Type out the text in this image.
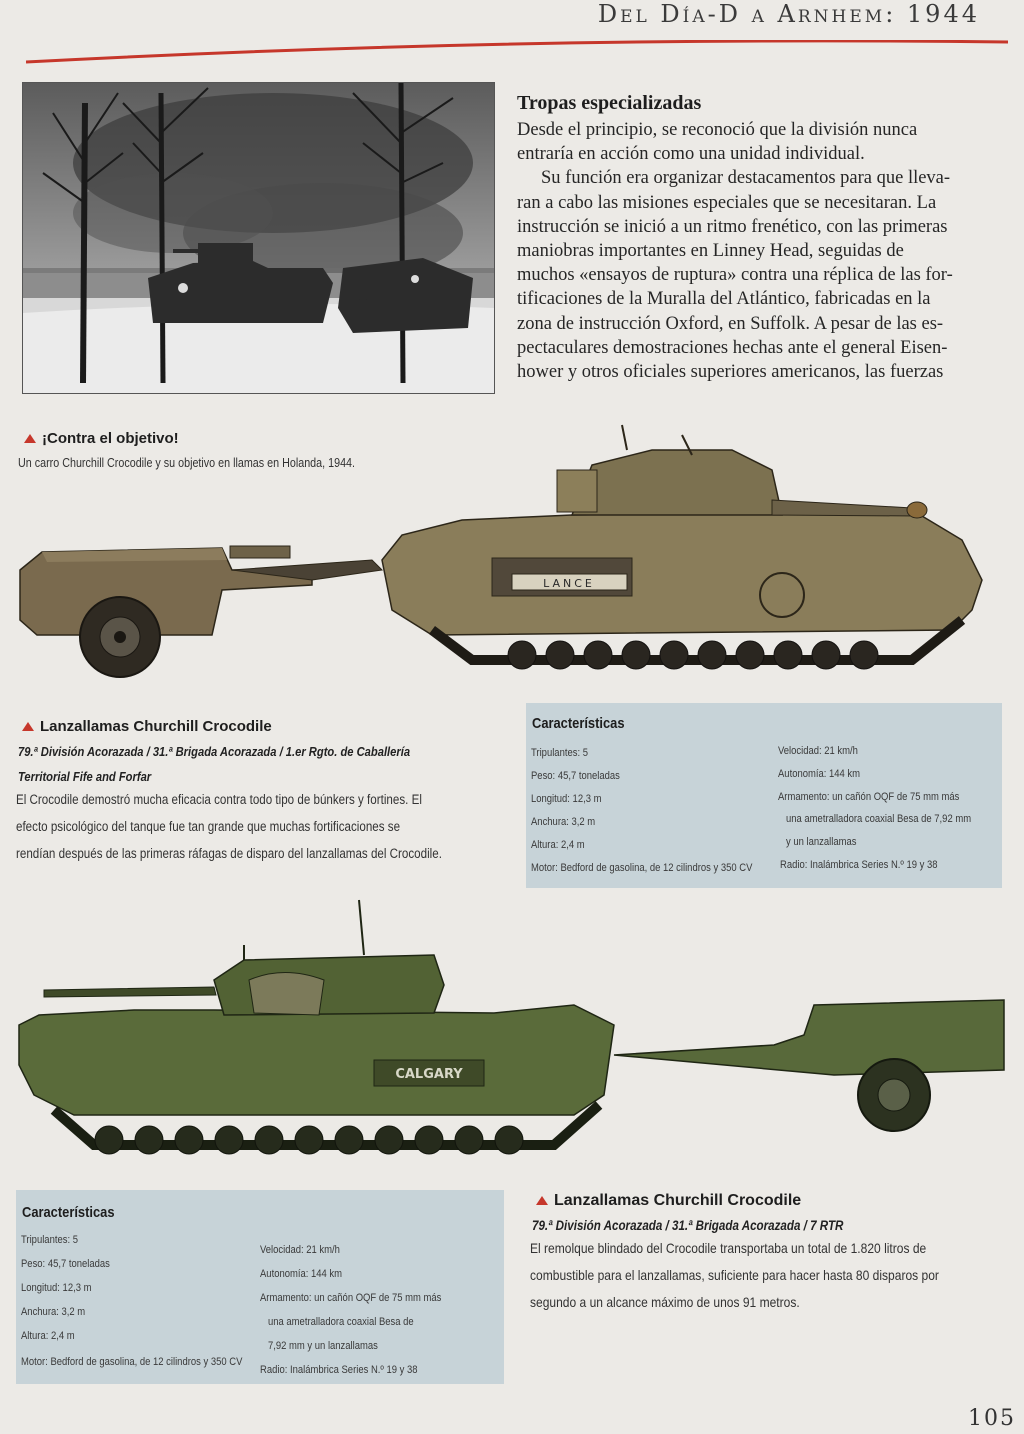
Del Día-D a Arnhem: 1944
Tropas especializadas

Desde el principio, se reconoció que la división nunca

entraría en acción como una unidad individual.

Su función era organizar destacamentos para que lleva-

ran a cabo las misiones especiales que se necesitaran. La

instrucción se inició a un ritmo frenético, con las primeras

maniobras importantes en Linney Head, seguidas de

muchos «ensayos de ruptura» contra una réplica de las for-

tificaciones de la Muralla del Atlántico, fabricadas en la

zona de instrucción Oxford, en Suffolk. A pesar de las es-

pectaculares demostraciones hechas ante el general Eisen-

hower y otros oficiales superiores americanos, las fuerzas

¡Contra el objetivo!
Un carro Churchill Crocodile y su objetivo en llamas en Holanda, 1944.
LANCE
Lanzallamas Churchill Crocodile
79.ª División Acorazada / 31.ª Brigada Acorazada / 1.er Rgto. de Caballería
Territorial Fife and Forfar
El Crocodile demostró mucha eficacia contra todo tipo de búnkers y fortines. El
efecto psicológico del tanque fue tan grande que muchas fortificaciones se
rendían después de las primeras ráfagas de disparo del lanzallamas del Crocodile.
Características
Tripulantes: 5
Peso: 45,7 toneladas
Longitud: 12,3 m
Anchura: 3,2 m
Altura: 2,4 m
Motor: Bedford de gasolina, de 12 cilindros y 350 CV
Velocidad: 21 km/h
Autonomía: 144 km
Armamento: un cañón OQF de 75 mm más
una ametralladora coaxial Besa de 7,92 mm
y un lanzallamas
Radio: Inalámbrica Series N.º 19 y 38
CALGARY
Características
Tripulantes: 5
Peso: 45,7 toneladas
Longitud: 12,3 m
Anchura: 3,2 m
Altura: 2,4 m
Motor: Bedford de gasolina, de 12 cilindros y 350 CV
Velocidad: 21 km/h
Autonomía: 144 km
Armamento: un cañón OQF de 75 mm más
una ametralladora coaxial Besa de
7,92 mm y un lanzallamas
Radio: Inalámbrica Series N.º 19 y 38
Lanzallamas Churchill Crocodile
79.ª División Acorazada / 31.ª Brigada Acorazada / 7 RTR
El remolque blindado del Crocodile transportaba un total de 1.820 litros de
combustible para el lanzallamas, suficiente para hacer hasta 80 disparos por
segundo a un alcance máximo de unos 91 metros.
105
